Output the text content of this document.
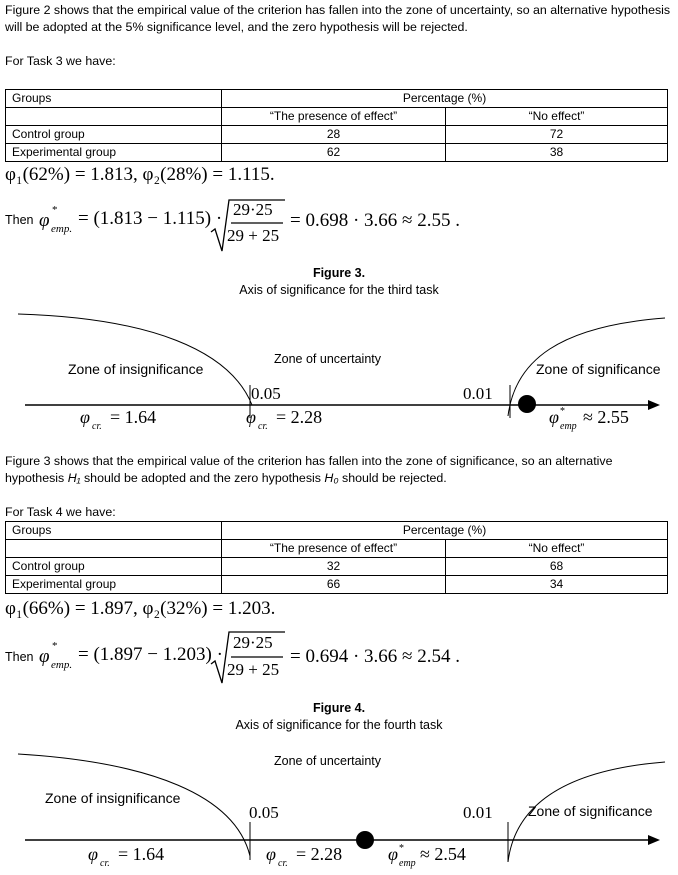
Figure 2 shows that the empirical value of the criterion has fallen into the zone of uncertainty, so an alternative hypothesis will be adopted at the 5% significance level, and the zero hypothesis will be rejected.
For Task 3 we have:
Groups	Percentage (%)	
	“The presence of effect”	“No effect”
Control group	28	72
Experimental group	62	38
φ₁(62%) = 1.813, φ₂(28%) = 1.115.
Then φ *
emp. = (1.813 − 1.115) · 29·25
29 + 25
= 0.698 · 3.66 ≈ 2.55 .
Figure 3.
Axis of significance for the third task
Zone of insignificance
Zone of uncertainty
Zone of significance
0.05	0.01
φ cr. = 1.64	φ cr. = 2.28	φ *
emp ≈ 2.55
Figure 3 shows that the empirical value of the criterion has fallen into the zone of significance, so an alternative
hypothesis H₁ should be adopted and the zero hypothesis H₀ should be rejected.
For Task 4 we have:
Groups	Percentage (%)	
	“The presence of effect”	“No effect”
Control group	32	68
Experimental group	66	34
φ₁(66%) = 1.897, φ₂(32%) = 1.203.
Then φ *
emp. = (1.897 − 1.203) ·
29·25
29 + 25
= 0.694 · 3.66 ≈ 2.54 .
Figure 4.
Axis of significance for the fourth task
Zone of uncertainty
Zone of insignificance
Zone of significance
0.05	0.01
φ cr. = 1.64	φ cr. = 2.28	φ *
emp ≈ 2.54
